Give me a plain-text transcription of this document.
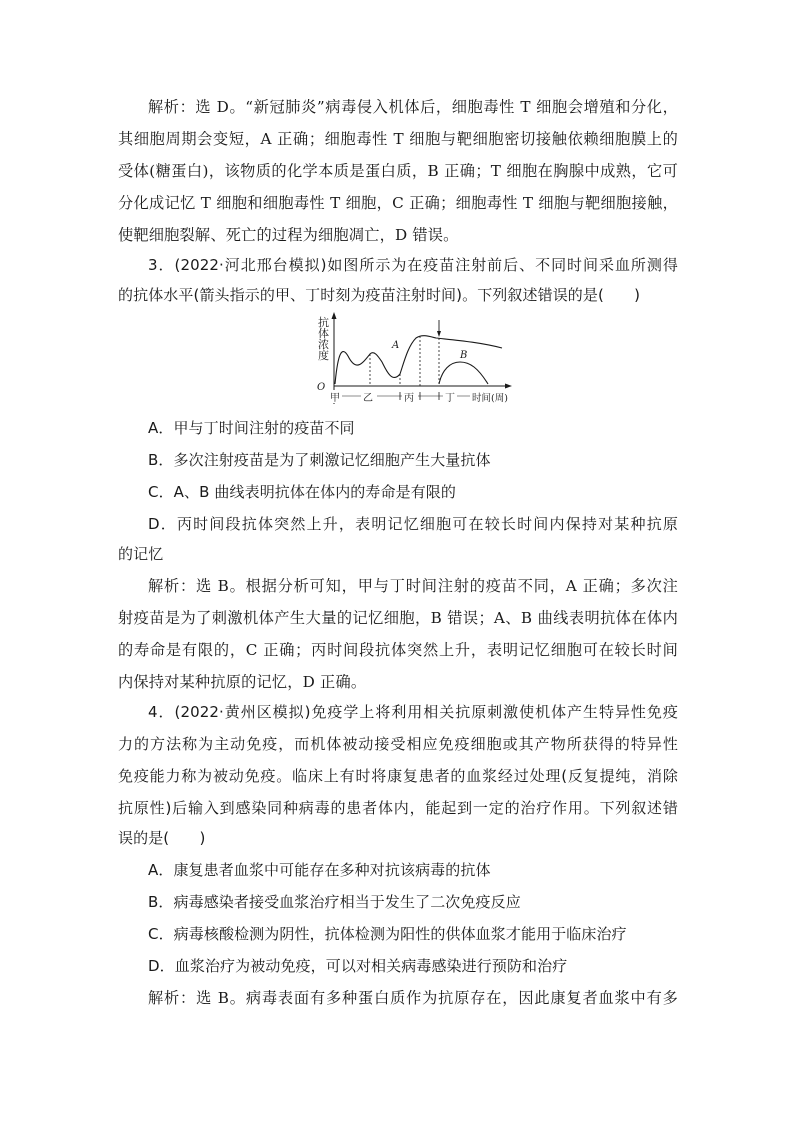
解析：选 D。“新冠肺炎”病毒侵入机体后，细胞毒性 T 细胞会增殖和分化，
其细胞周期会变短，A 正确；细胞毒性 T 细胞与靶细胞密切接触依赖细胞膜上的
受体(糖蛋白)，该物质的化学本质是蛋白质，B 正确；T 细胞在胸腺中成熟，它可
分化成记忆 T 细胞和细胞毒性 T 细胞，C 正确；细胞毒性 T 细胞与靶细胞接触，
使靶细胞裂解、死亡的过程为细胞凋亡，D 错误。
3．(2022·河北邢台模拟)如图所示为在疫苗注射前后、不同时间采血所测得
的抗体水平(箭头指示的甲、丁时刻为疫苗注射时间)。下列叙述错误的是(　　)
抗体浓度
O
A
B
甲 乙	丙	丁 时间(周)
A．甲与丁时间注射的疫苗不同
B．多次注射疫苗是为了刺激记忆细胞产生大量抗体
C．A、B 曲线表明抗体在体内的寿命是有限的
D．丙时间段抗体突然上升，表明记忆细胞可在较长时间内保持对某种抗原
的记忆
解析：选 B。根据分析可知，甲与丁时间注射的疫苗不同，A 正确；多次注
射疫苗是为了刺激机体产生大量的记忆细胞，B 错误；A、B 曲线表明抗体在体内
的寿命是有限的，C 正确；丙时间段抗体突然上升，表明记忆细胞可在较长时间
内保持对某种抗原的记忆，D 正确。
4．(2022·黄州区模拟)免疫学上将利用相关抗原刺激使机体产生特异性免疫
力的方法称为主动免疫，而机体被动接受相应免疫细胞或其产物所获得的特异性
免疫能力称为被动免疫。临床上有时将康复患者的血浆经过处理(反复提纯，消除
抗原性)后输入到感染同种病毒的患者体内，能起到一定的治疗作用。下列叙述错
误的是(　　)
A．康复患者血浆中可能存在多种对抗该病毒的抗体
B．病毒感染者接受血浆治疗相当于发生了二次免疫反应
C．病毒核酸检测为阴性，抗体检测为阳性的供体血浆才能用于临床治疗
D．血浆治疗为被动免疫，可以对相关病毒感染进行预防和治疗
解析：选 B。病毒表面有多种蛋白质作为抗原存在，因此康复者血浆中有多
